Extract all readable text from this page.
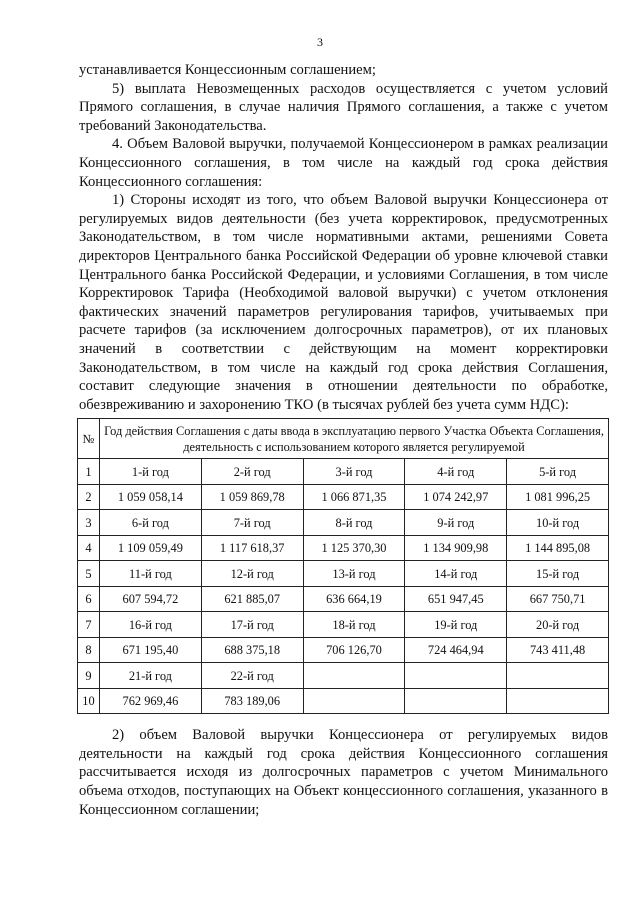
3

устанавливается Концессионным соглашением;

5) выплата Невозмещенных расходов осуществляется с учетом условий Прямого соглашения, в случае наличия Прямого соглашения, а также с учетом требований Законодательства.

4. Объем Валовой выручки, получаемой Концессионером в рамках реализации Концессионного соглашения, в том числе на каждый год срока действия Концессионного соглашения:

1) Стороны исходят из того, что объем Валовой выручки Концессионера от регулируемых видов деятельности (без учета корректировок, предусмотренных Законодательством, в том числе нормативными актами, решениями Совета директоров Центрального банка Российской Федерации об уровне ключевой ставки Центрального банка Российской Федерации, и условиями Соглашения, в том числе Корректировок Тарифа (Необходимой валовой выручки) с учетом отклонения фактических значений параметров регулирования тарифов, учитываемых при расчете тарифов (за исключением долгосрочных параметров), от их плановых значений в соответствии с действующим на момент корректировки Законодательством, в том числе на каждый год срока действия Соглашения, составит следующие значения в отношении деятельности по обработке, обезвреживанию и захоронению ТКО (в тысячах рублей без учета сумм НДС):

№	Год действия Соглашения с даты ввода в эксплуатацию первого Участка Объекта Соглашения, деятельность с использованием которого является регулируемой				
1	1-й год	2-й год	3-й год	4-й год	5-й год
2	1 059 058,14	1 059 869,78	1 066 871,35	1 074 242,97	1 081 996,25
3	6-й год	7-й год	8-й год	9-й год	10-й год
4	1 109 059,49	1 117 618,37	1 125 370,30	1 134 909,98	1 144 895,08
5	11-й год	12-й год	13-й год	14-й год	15-й год
6	607 594,72	621 885,07	636 664,19	651 947,45	667 750,71
7	16-й год	17-й год	18-й год	19-й год	20-й год
8	671 195,40	688 375,18	706 126,70	724 464,94	743 411,48
9	21-й год	22-й год			
10	762 969,46	783 189,06			

2) объем Валовой выручки Концессионера от регулируемых видов деятельности на каждый год срока действия Концессионного соглашения рассчитывается исходя из долгосрочных параметров с учетом Минимального объема отходов, поступающих на Объект концессионного соглашения, указанного в Концессионном соглашении;
